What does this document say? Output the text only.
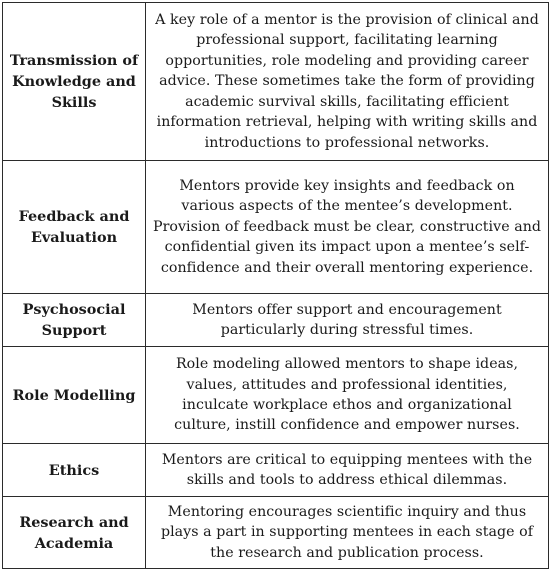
Transmission of Knowledge and Skills	A key role of a mentor is the provision of clinical and professional support, facilitating learning opportunities, role modeling and providing career advice. These sometimes take the form of providing academic survival skills, facilitating efficient information retrieval, helping with writing skills and introductions to professional networks.
Feedback and Evaluation	Mentors provide key insights and feedback on various aspects of the mentee’s development. Provision of feedback must be clear, constructive and confidential given its impact upon a mentee’s self-confidence and their overall mentoring experience.
Psychosocial Support	Mentors offer support and encouragement particularly during stressful times.
Role Modelling	Role modeling allowed mentors to shape ideas, values, attitudes and professional identities, inculcate workplace ethos and organizational culture, instill confidence and empower nurses.
Ethics	Mentors are critical to equipping mentees with the skills and tools to address ethical dilemmas.
Research and Academia	Mentoring encourages scientific inquiry and thus plays a part in supporting mentees in each stage of the research and publication process.
